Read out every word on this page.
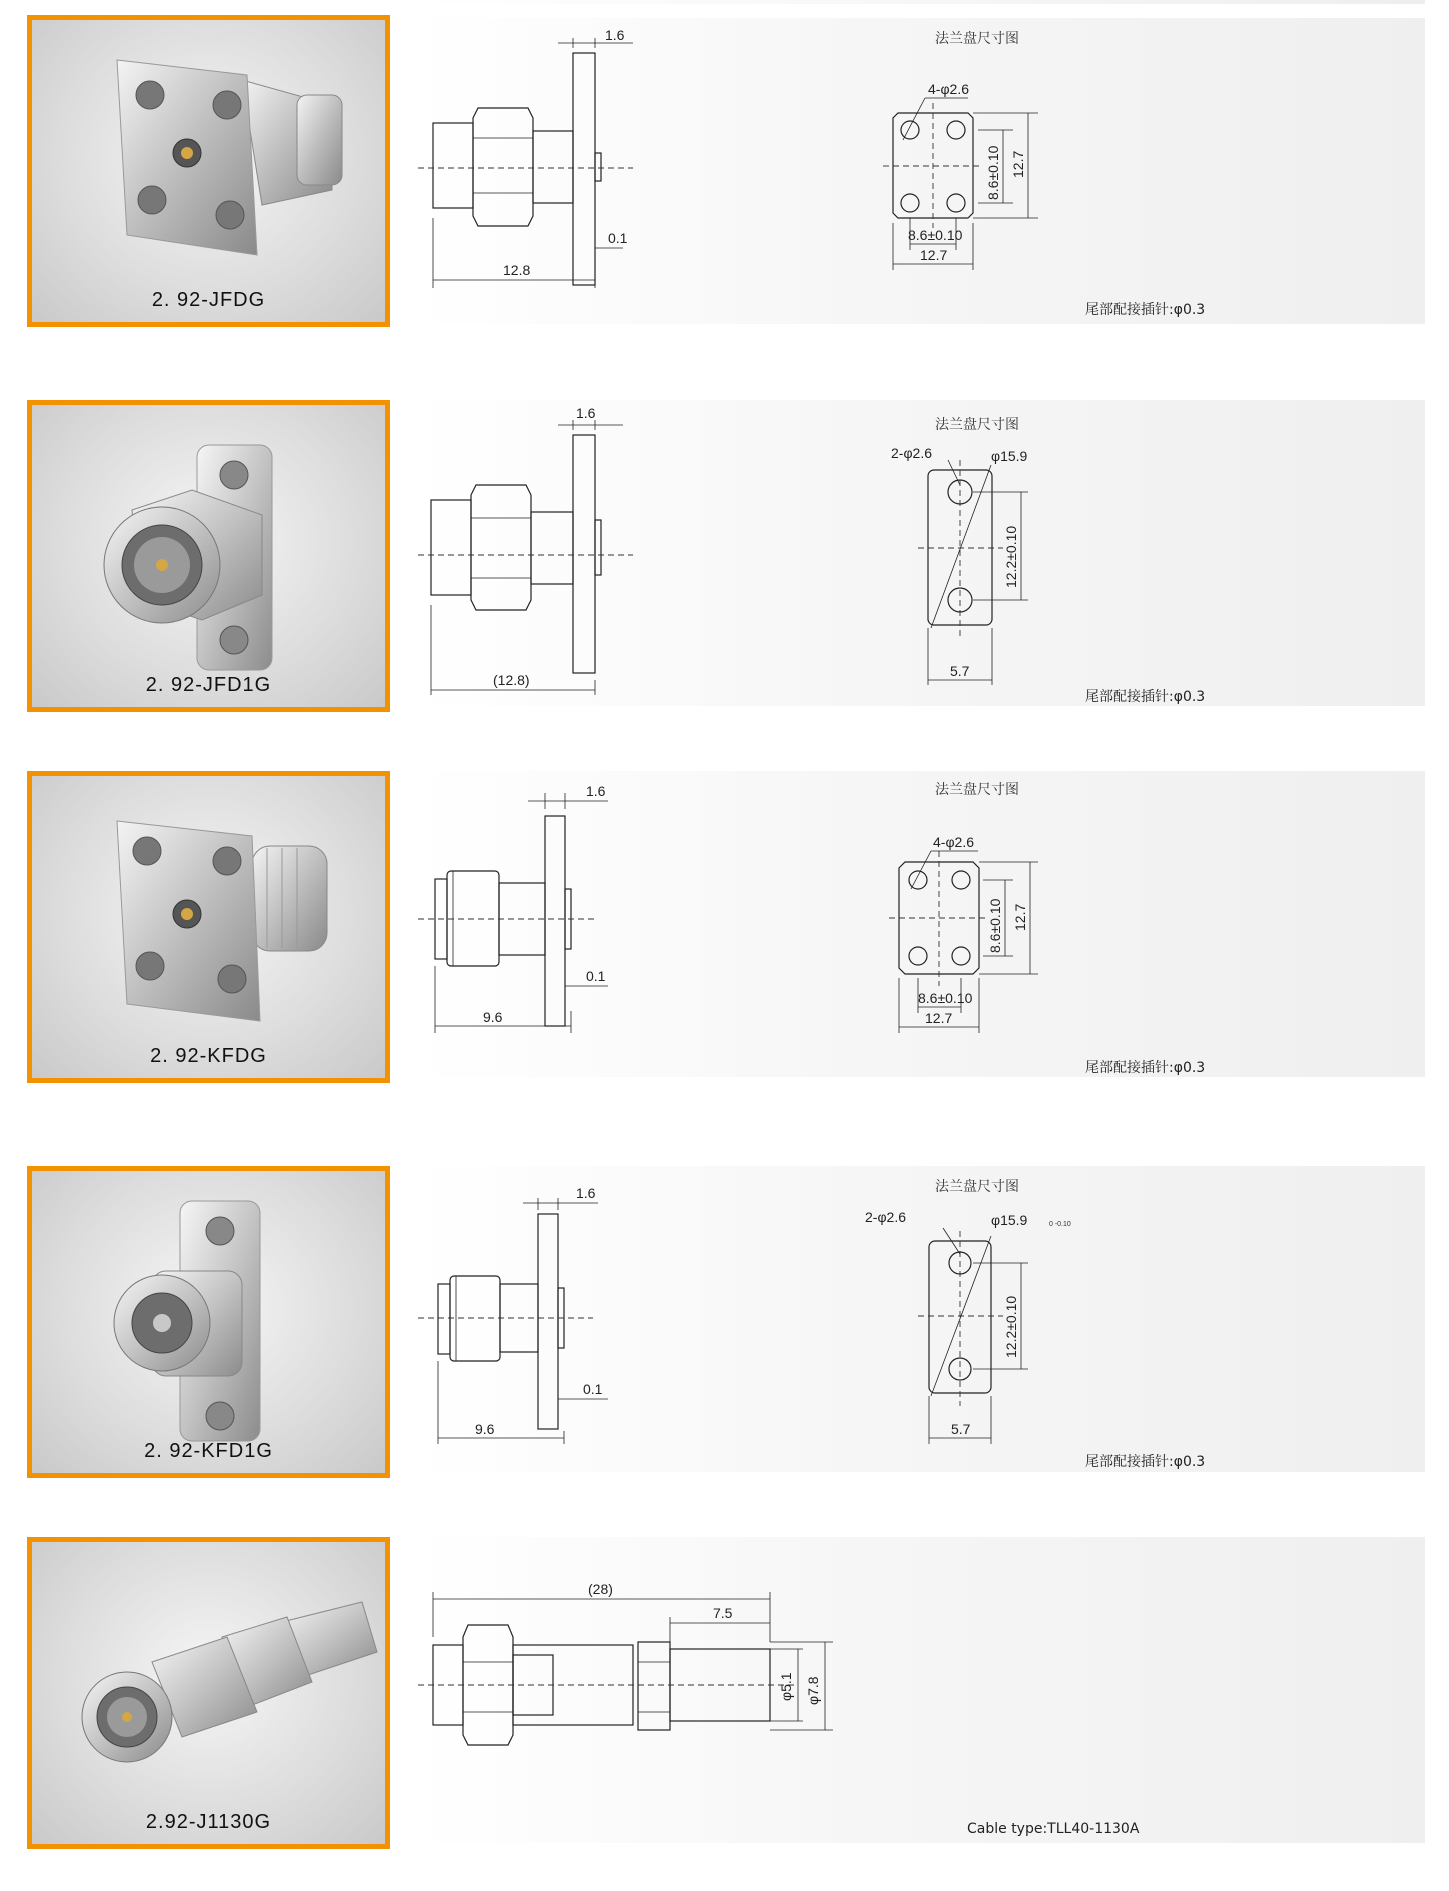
2. 92-JFDG
1.6
0.1
12.8
4-φ2.6
8.6±0.10 12.7
8.6±0.10
12.7
法兰盘尺寸图
尾部配接插针:φ0.3
2. 92-JFD1G
1.6
(12.8)
2-φ2.6	φ15.9
12.2±0.10
5.7
法兰盘尺寸图
尾部配接插针:φ0.3
2. 92-KFDG
1.6
0.1
9.6
4-φ2.6
8.6±0.10 12.7
8.6±0.10
12.7
法兰盘尺寸图
尾部配接插针:φ0.3
2. 92-KFD1G
1.6
0.1
9.6
2-φ2.6	φ15.9	0 -0.10
12.2±0.10
5.7
法兰盘尺寸图
尾部配接插针:φ0.3
2.92-J1130G
(28)
7.5
φ5.1 φ7.8
Cable type:TLL40-1130A
